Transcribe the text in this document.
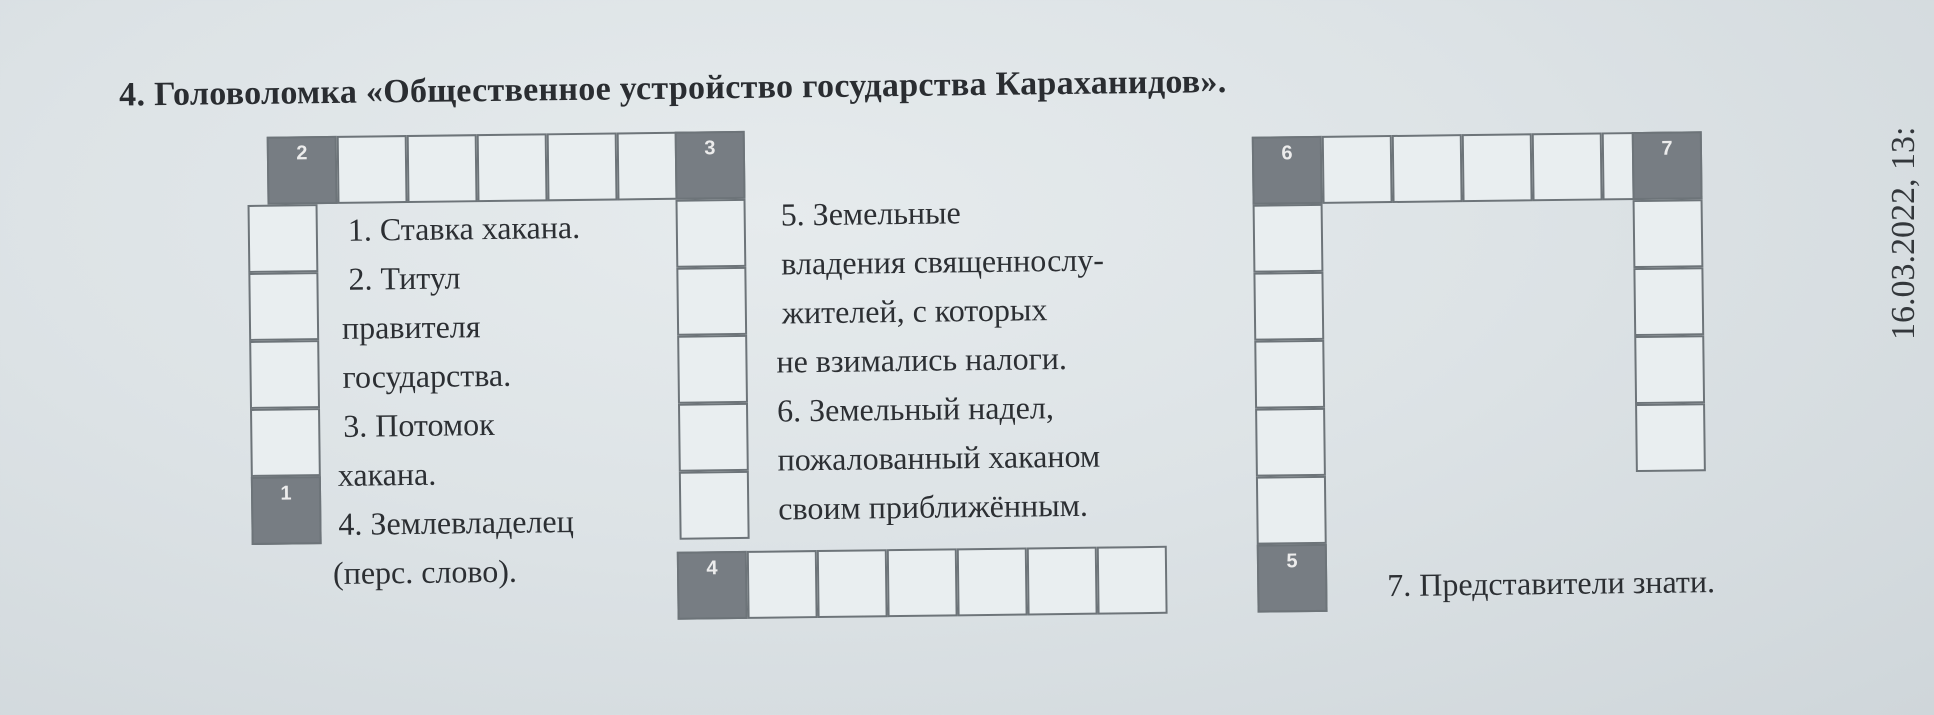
4. Головоломка «Общественное устройство государства Караханидов».
2	3
1
4	5
6	7
1. Ставка хакана.
2. Титул
правителя
государства.
3. Потомок
хакана.
4. Землевладелец
(перс. слово).
5. Земельные
владения священнослу-
жителей, с которых
не взимались налоги.
6. Земельный надел,
пожалованный хаканом
своим приближённым.
7. Представители знати.
16.03.2022, 13:
